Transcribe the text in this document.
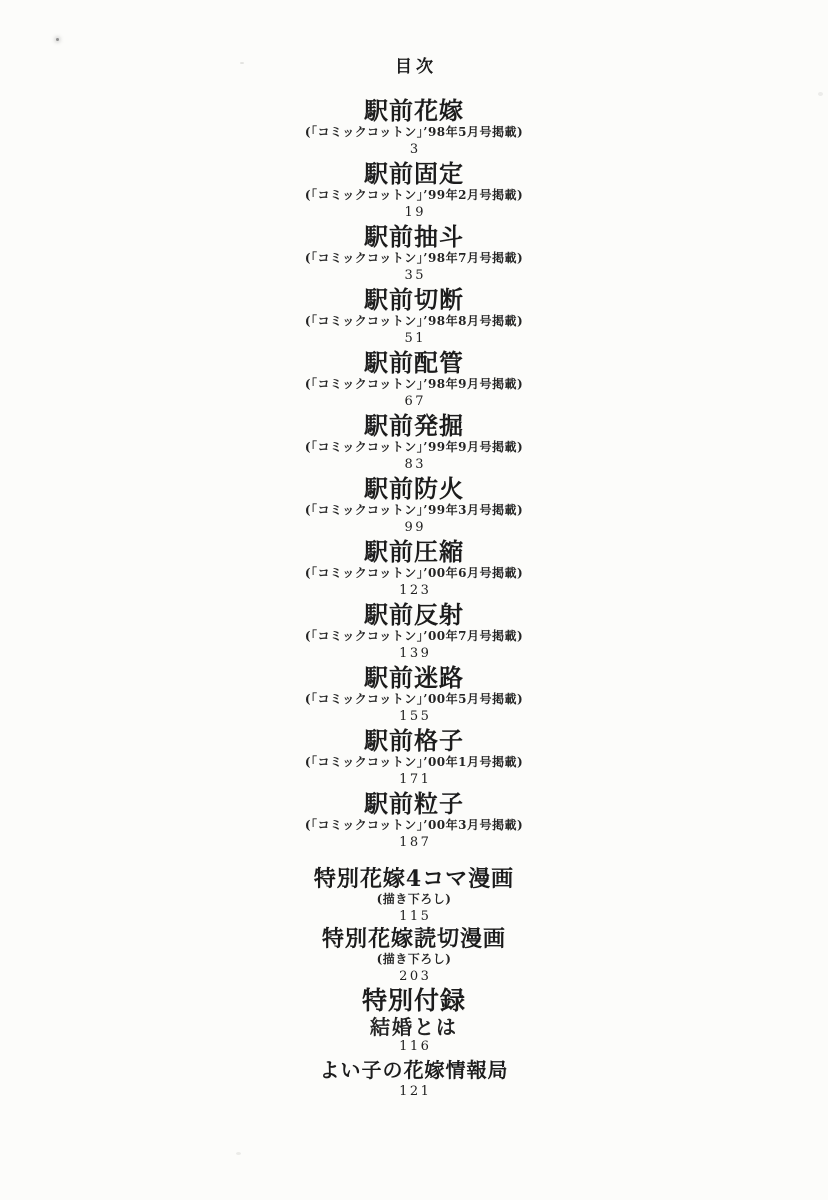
目次
駅前花嫁
(「コミックコットン」’98年5月号掲載)
3
駅前固定
(「コミックコットン」’99年2月号掲載)
19
駅前抽斗
(「コミックコットン」’98年7月号掲載)
35
駅前切断
(「コミックコットン」’98年8月号掲載)
51
駅前配管
(「コミックコットン」’98年9月号掲載)
67
駅前発掘
(「コミックコットン」’99年9月号掲載)
83
駅前防火
(「コミックコットン」’99年3月号掲載)
99
駅前圧縮
(「コミックコットン」’00年6月号掲載)
123
駅前反射
(「コミックコットン」’00年7月号掲載)
139
駅前迷路
(「コミックコットン」’00年5月号掲載)
155
駅前格子
(「コミックコットン」’00年1月号掲載)
171
駅前粒子
(「コミックコットン」’00年3月号掲載)
187
特別花嫁4コマ漫画
(描き下ろし)
115
特別花嫁読切漫画
(描き下ろし)
203
特別付録
結婚とは
116
よい子の花嫁情報局
121
